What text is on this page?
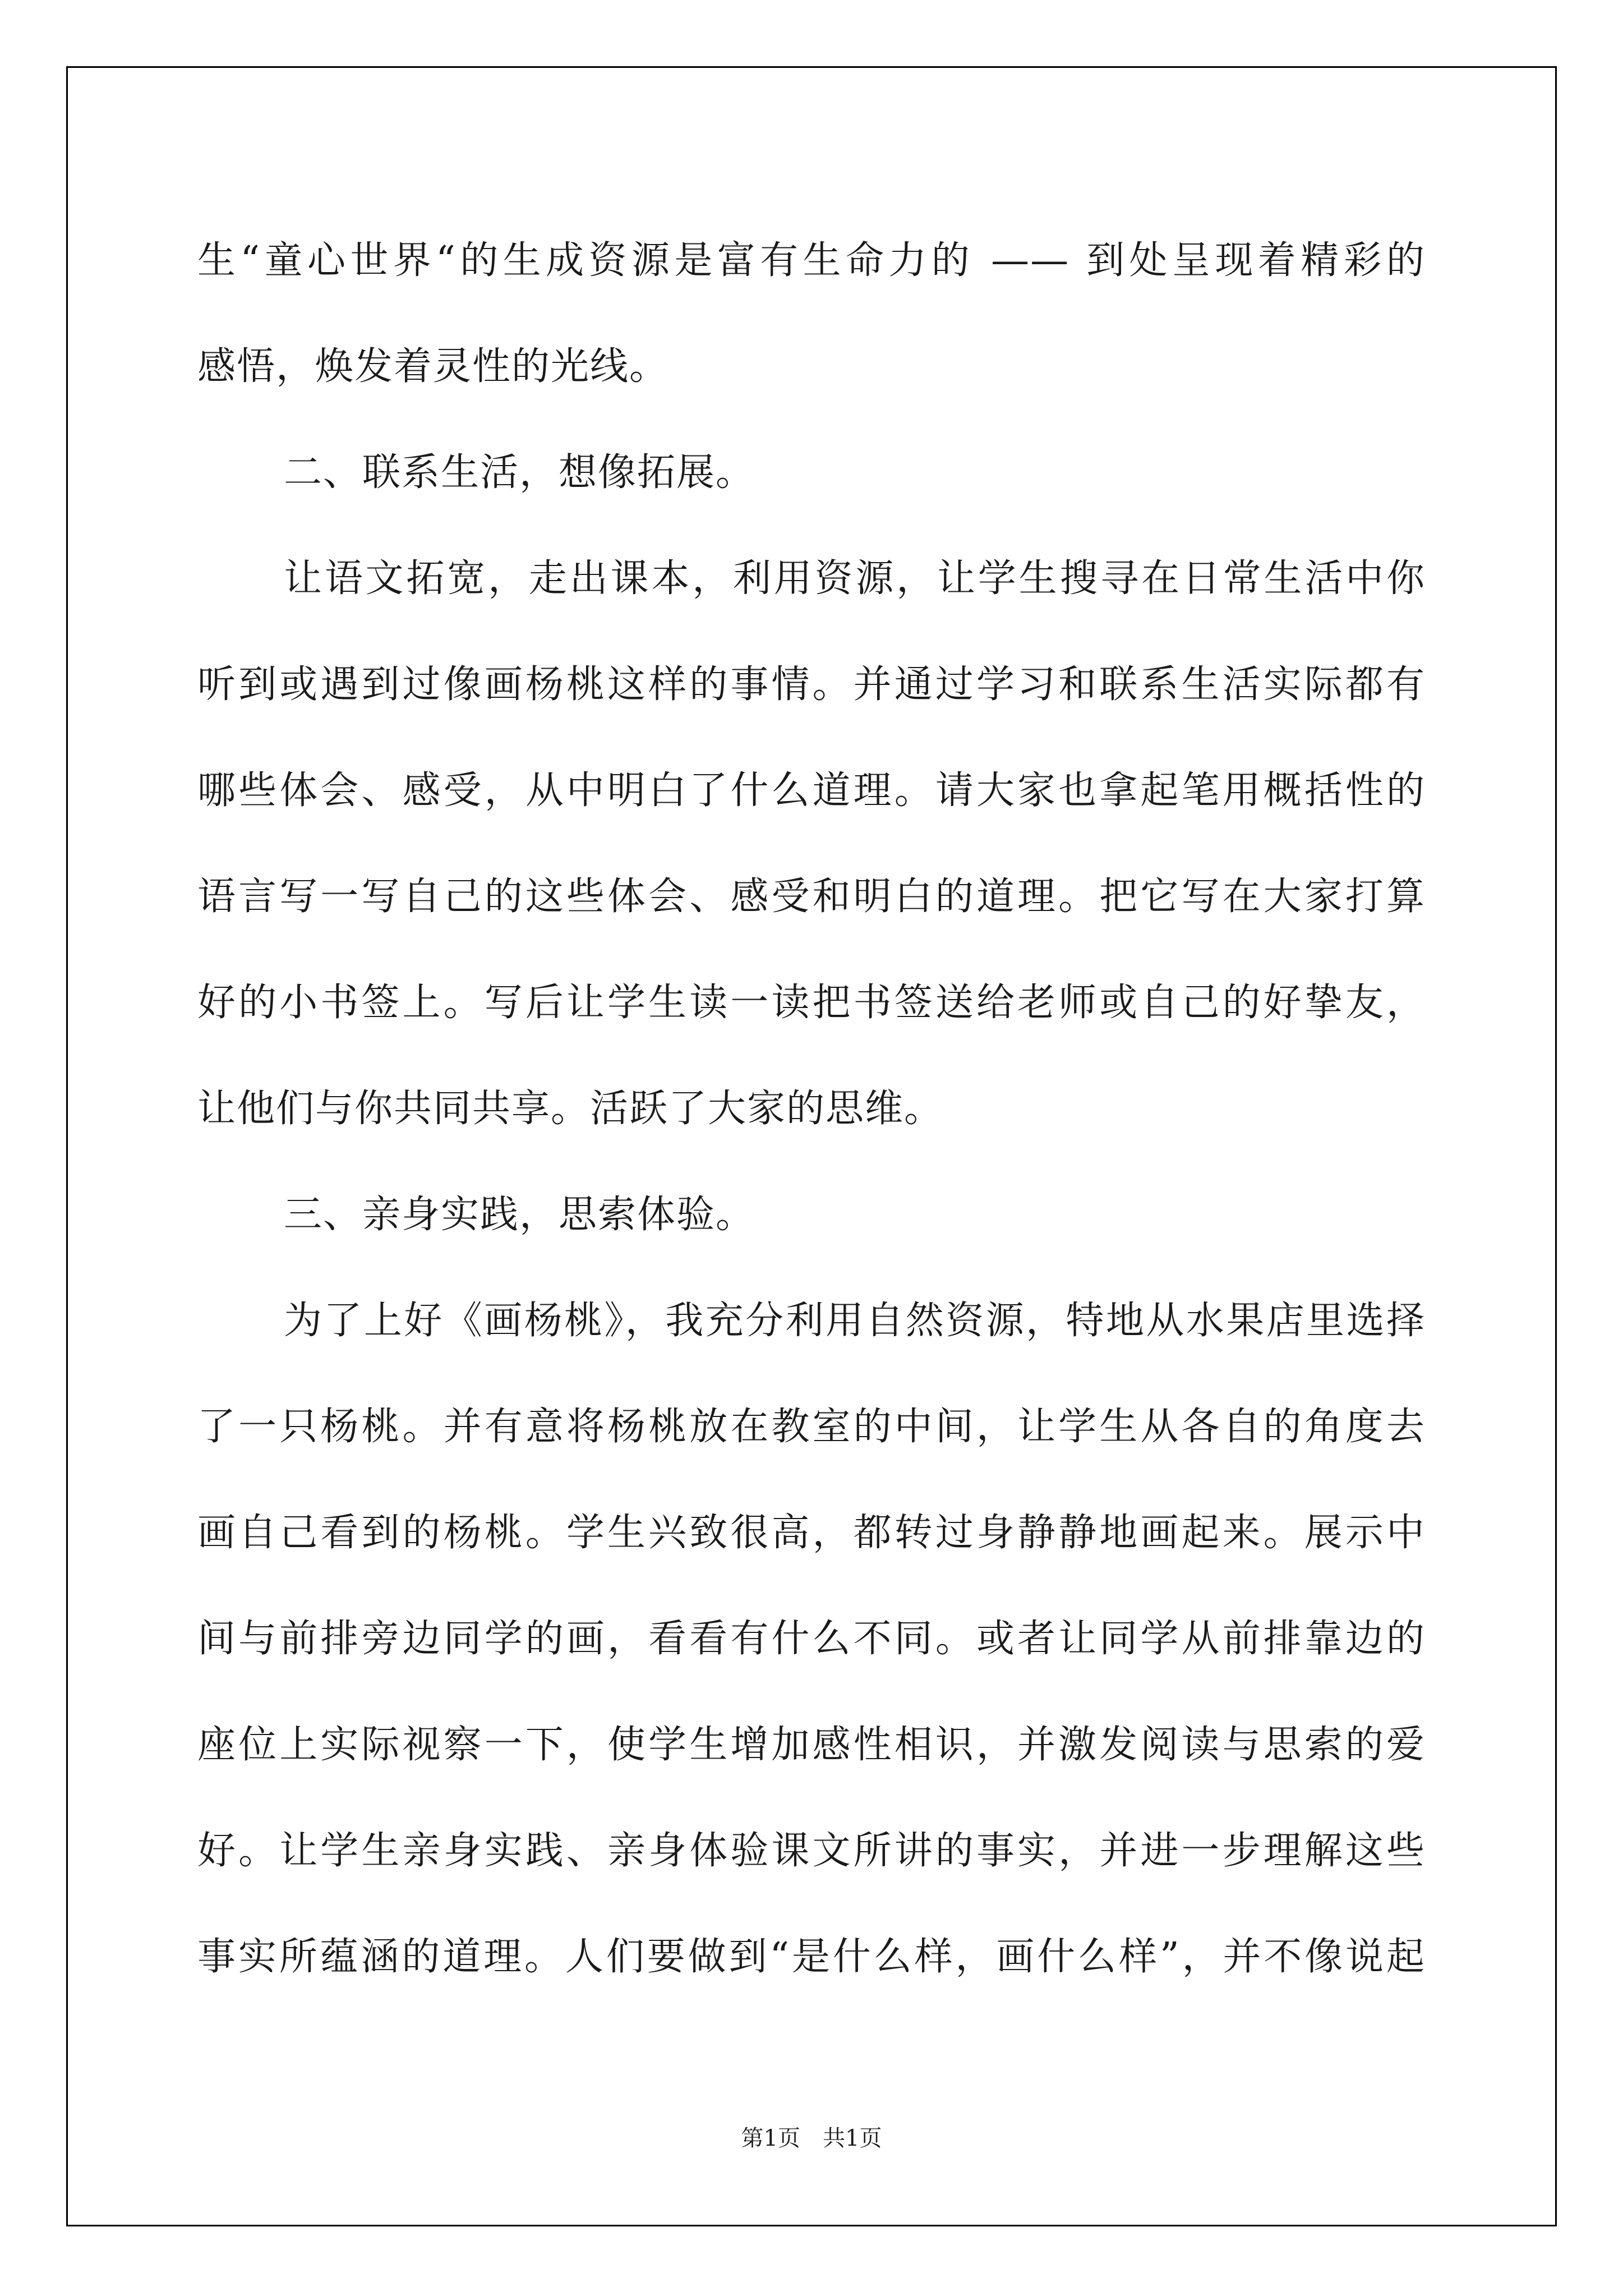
生“童心世界“的生成资源是富有生命力的 —— 到处呈现着精彩的
感悟，焕发着灵性的光线。
二、联系生活，想像拓展。
让语文拓宽，走出课本，利用资源，让学生搜寻在日常生活中你
听到或遇到过像画杨桃这样的事情。并通过学习和联系生活实际都有
哪些体会、感受，从中明白了什么道理。请大家也拿起笔用概括性的
语言写一写自己的这些体会、感受和明白的道理。把它写在大家打算
好的小书签上。写后让学生读一读把书签送给老师或自己的好挚友，
让他们与你共同共享。活跃了大家的思维。
三、亲身实践，思索体验。
为了上好《画杨桃》，我充分利用自然资源，特地从水果店里选择
了一只杨桃。并有意将杨桃放在教室的中间，让学生从各自的角度去
画自己看到的杨桃。学生兴致很高，都转过身静静地画起来。展示中
间与前排旁边同学的画，看看有什么不同。或者让同学从前排靠边的
座位上实际视察一下，使学生增加感性相识，并激发阅读与思索的爱
好。让学生亲身实践、亲身体验课文所讲的事实，并进一步理解这些
事实所蕴涵的道理。人们要做到“是什么样，画什么样”，并不像说起
第1页　共1页
